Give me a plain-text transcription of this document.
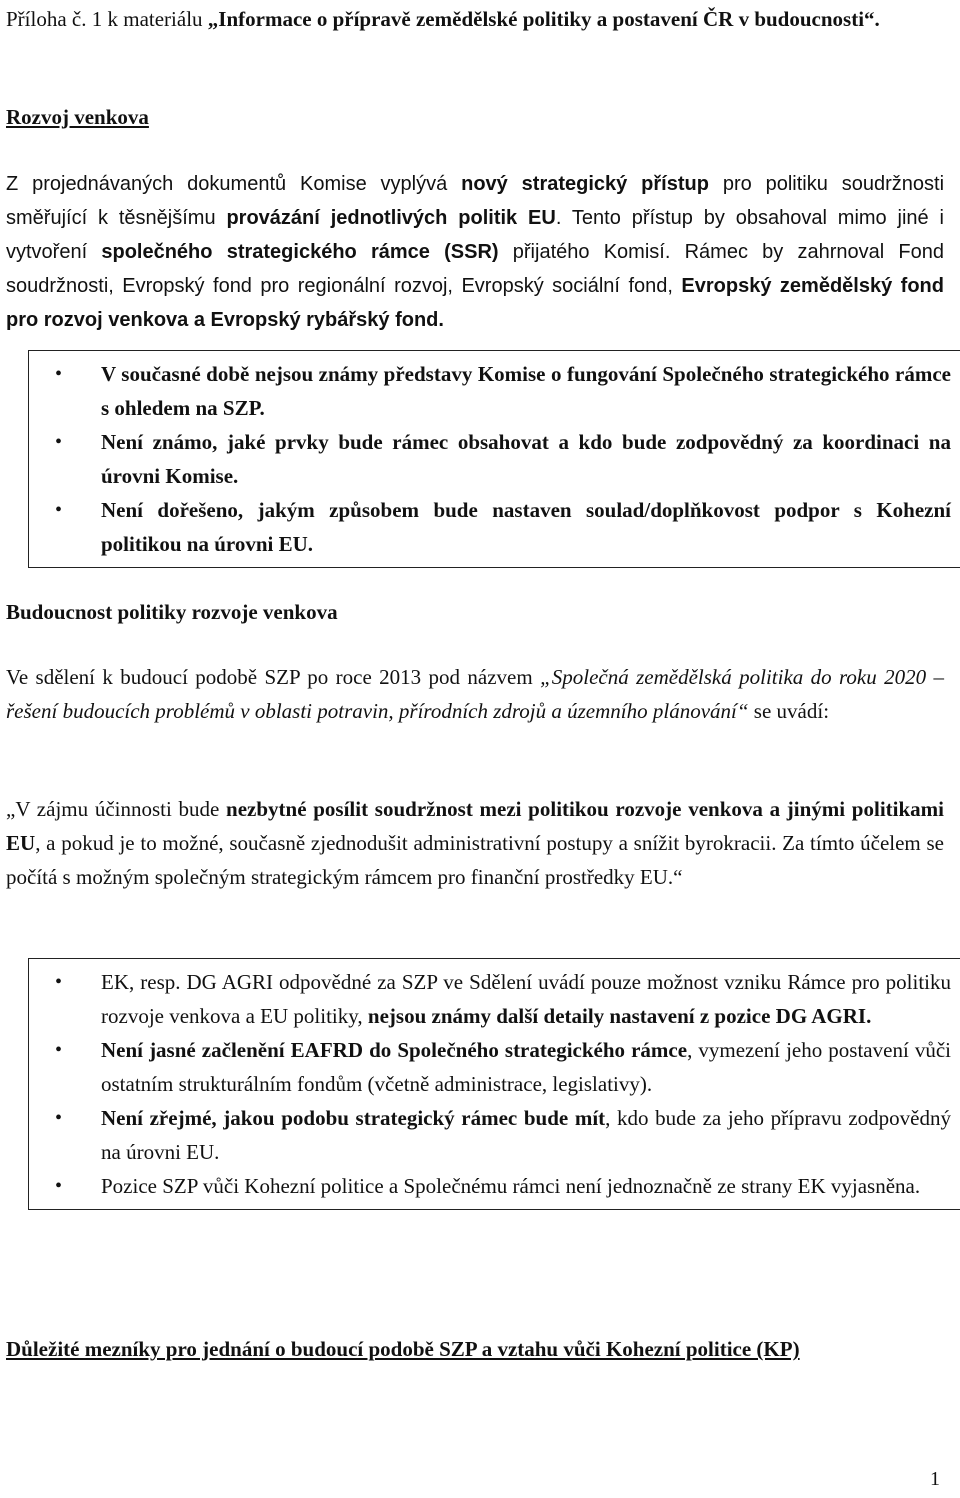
Příloha č. 1 k materiálu „Informace o přípravě zemědělské politiky a postavení ČR v budoucnosti“.

Rozvoj venkova

Z projednávaných dokumentů Komise vyplývá nový strategický přístup pro politiku soudržnosti směřující k těsnějšímu provázání jednotlivých politik EU. Tento přístup by obsahoval mimo jiné i vytvoření společného strategického rámce (SSR) přijatého Komisí. Rámec by zahrnoval Fond soudržnosti, Evropský fond pro regionální rozvoj, Evropský sociální fond, Evropský zemědělský fond pro rozvoj venkova a Evropský rybářský fond.

• V současné době nejsou známy představy Komise o fungování Společného strategického rámce s ohledem na SZP.
• Není známo, jaké prvky bude rámec obsahovat a kdo bude zodpovědný za koordinaci na úrovni Komise.
• Není dořešeno, jakým způsobem bude nastaven soulad/doplňkovost podpor s Kohezní politikou na úrovni EU.

Budoucnost politiky rozvoje venkova

Ve sdělení k budoucí podobě SZP po roce 2013 pod názvem „Společná zemědělská politika do roku 2020 – řešení budoucích problémů v oblasti potravin, přírodních zdrojů a územního plánování“ se uvádí:

„V zájmu účinnosti bude nezbytné posílit soudržnost mezi politikou rozvoje venkova a jinými politikami EU, a pokud je to možné, současně zjednodušit administrativní postupy a snížit byrokracii. Za tímto účelem se počítá s možným společným strategickým rámcem pro finanční prostředky EU.“

• EK, resp. DG AGRI odpovědné za SZP ve Sdělení uvádí pouze možnost vzniku Rámce pro politiku rozvoje venkova a EU politiky, nejsou známy další detaily nastavení z pozice DG AGRI.
• Není jasné začlenění EAFRD do Společného strategického rámce, vymezení jeho postavení vůči ostatním strukturálním fondům (včetně administrace, legislativy).
• Není zřejmé, jakou podobu strategický rámec bude mít, kdo bude za jeho přípravu zodpovědný na úrovni EU.
• Pozice SZP vůči Kohezní politice a Společnému rámci není jednoznačně ze strany EK vyjasněna.

Důležité mezníky pro jednání o budoucí podobě SZP a vztahu vůči Kohezní politice (KP)

1
